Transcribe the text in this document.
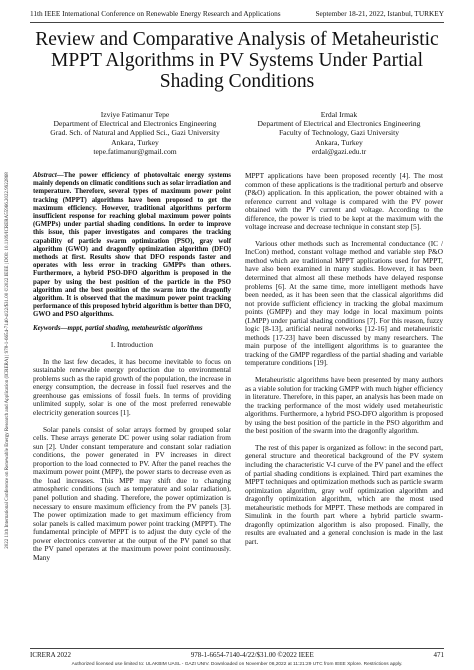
11th IEEE International Conference on Renewable Energy Research and Applications	September 18-21, 2022, Istanbul, TURKEY
2022 11th International Conference on Renewable Energy Research and Application (ICRERA) | 978-1-6654-7140-4/22/$31.00 ©2022 IEEE | DOI: 10.1109/ICRERA55966.2022.9922868
Review and Comparative Analysis of Metaheuristic MPPT Algorithms in PV Systems Under Partial Shading Conditions
Izviye Fatimanur Tepe
Department of Electrical and Electronics Engineering
Grad. Sch. of Natural and Applied Sci., Gazi University
Ankara, Turkey
tepe.fatimanur@gmail.com
Erdal Irmak
Department of Electrical and Electronics Engineering
Faculty of Technology, Gazi University
Ankara, Turkey
erdal@gazi.edu.tr

Abstract—The power efficiency of photovoltaic energy systems mainly depends on climatic conditions such as solar irradiation and temperature. Therefore, several types of maximum power point tracking (MPPT) algorithms have been proposed to get the maximum efficiency. However, traditional algorithms perform insufficient response for reaching global maximum power points (GMPPs) under partial shading conditions. In order to improve this issue, this paper investigates and compares the tracking capability of particle swarm optimization (PSO), gray wolf algorithm (GWO) and dragonfly optimization algorithm (DFO) methods at first. Results show that DFO responds faster and operates with less error in tracking GMPPs than others. Furthermore, a hybrid PSO-DFO algorithm is proposed in the paper by using the best position of the particle in the PSO algorithm and the best position of the swarm into the dragonfly algorithm. It is observed that the maximum power point tracking performance of this proposed hybrid algorithm is better than DFO, GWO and PSO algorithms.

Keywords—mppt, partial shading, metaheuristic algorithms

I. Introduction

In the last few decades, it has become inevitable to focus on sustainable renewable energy production due to environmental problems such as the rapid growth of the population, the increase in energy consumption, the decrease in fossil fuel reserves and the greenhouse gas emissions of fossil fuels. In terms of providing unlimited supply, solar is one of the most preferred renewable electricity generation sources [1].

Solar panels consist of solar arrays formed by grouped solar cells. These arrays generate DC power using solar radiation from sun [2]. Under constant temperature and constant solar radiation conditions, the power generated in PV increases in direct proportion to the load connected to PV. After the panel reaches the maximum power point (MPP), the power starts to decrease even as the load increases. This MPP may shift due to changing atmospheric conditions (such as temperature and solar radiation), panel pollution and shading. Therefore, the power optimization is necessary to ensure maximum efficiency from the PV panels [3]. The power optimization made to get maximum efficiency from solar panels is called maximum power point tracking (MPPT). The fundamental principle of MPPT is to adjust the duty cycle of the power electronics converter at the output of the PV panel so that the PV panel operates at the maximum power point continuously. Many

MPPT applications have been proposed recently [4]. The most common of these applications is the traditional perturb and observe (P&O) application. In this application, the power obtained with a reference current and voltage is compared with the PV power obtained with the PV current and voltage. According to the difference, the power is tried to be kept at the maximum with the voltage increase and decrease technique in constant step [5].

Various other methods such as Incremental conductance (IC / IncCon) method, constant voltage method and variable step P&O method which are traditional MPPT applications used for MPPT, have also been examined in many studies. However, it has been determined that almost all these methods have delayed response problems [6]. At the same time, more intelligent methods have been needed, as it has been seen that the classical algorithms did not provide sufficient efficiency in tracking the global maximum points (GMPP) and they may lodge in local maximum points (LMPP) under partial shading conditions [7]. For this reason, fuzzy logic [8-13], artificial neural networks [12-16] and metaheuristic methods [17-23] have been discussed by many researchers. The main purpose of the intelligent algorithms is to guarantee the tracking of the GMPP regardless of the partial shading and variable temperature conditions [19].

Metaheuristic algorithms have been presented by many authors as a viable solution for tracking GMPP with much higher efficiency in literature. Therefore, in this paper, an analysis has been made on the tracking performance of the most widely used metaheuristic algorithms. Furthermore, a hybrid PSO-DFO algorithm is proposed by using the best position of the particle in the PSO algorithm and the best position of the swarm into the dragonfly algorithm.

The rest of this paper is organized as follow: in the second part, general structure and theoretical background of the PV system including the characteristic V-I curve of the PV panel and the effect of partial shading conditions is explained. Third part examines the MPPT techniques and optimization methods such as particle swarm optimization algorithm, gray wolf optimization algorithm and dragonfly optimization algorithm, which are the most used metaheuristic methods for MPPT. These methods are compared in Simulink in the fourth part where a hybrid particle swarm-dragonfly optimization algorithm is also proposed. Finally, the results are evaluated and a general conclusion is made in the last part.

ICRERA 2022	978-1-6654-7140-4/22/$31.00 ©2022 IEEE	471
Authorized licensed use limited to: ULAKBIM UASL - GAZI UNIV. Downloaded on November 08,2022 at 11:21:29 UTC from IEEE Xplore. Restrictions apply.
